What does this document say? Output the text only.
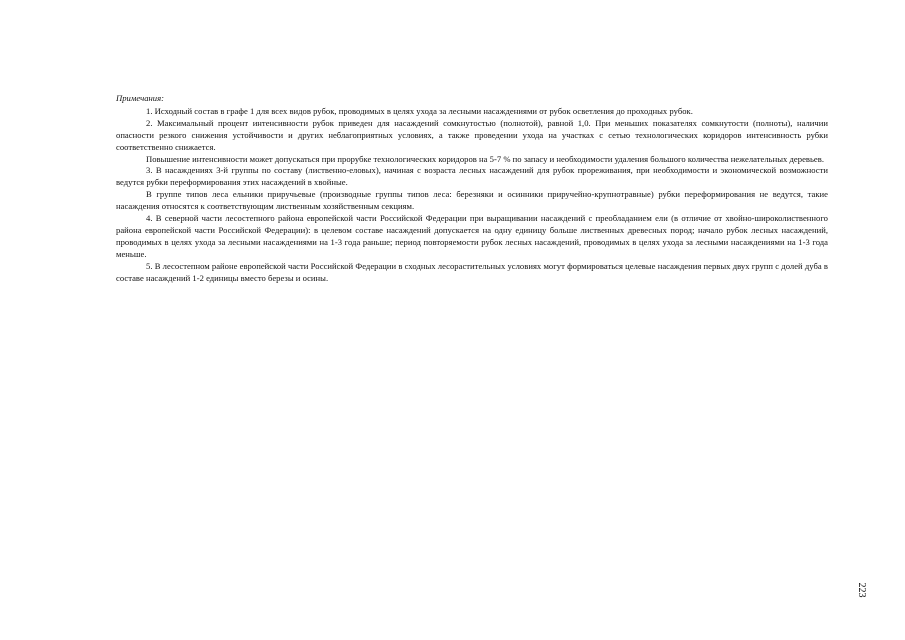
Примечания:

1. Исходный состав в графе 1 для всех видов рубок, проводимых в целях ухода за лесными насаждениями от рубок осветления до проходных рубок.

2. Максимальный процент интенсивности рубок приведен для насаждений сомкнутостью (полнотой), равной 1,0. При меньших показателях сомкнутости (полноты), наличии опасности резкого снижения устойчивости и других неблагоприятных условиях, а также проведении ухода на участках с сетью технологических коридоров интенсивность рубки соответственно снижается.

Повышение интенсивности может допускаться при прорубке технологических коридоров на 5-7 % по запасу и необходимости удаления большого количества нежелательных деревьев.

3. В насаждениях 3-й группы по составу (лиственно-еловых), начиная с возраста лесных насаждений для рубок прореживания, при необходимости и экономической возможности ведутся рубки переформирования этих насаждений в хвойные.

В группе типов леса ельники приручьевые (производные группы типов леса: березняки и осинники приручейно-крупнотравные) рубки переформирования не ведутся, такие насаждения относятся к соответствующим лиственным хозяйственным секциям.

4. В северной части лесостепного района европейской части Российской Федерации при выращивании насаждений с преобладанием ели (в отличие от хвойно-широколиственного района европейской части Российской Федерации): в целевом составе насаждений допускается на одну единицу больше лиственных древесных пород; начало рубок лесных насаждений, проводимых в целях ухода за лесными насаждениями на 1-3 года раньше; период повторяемости рубок лесных насаждений, проводимых в целях ухода за лесными насаждениями на 1-3 года меньше.

5. В лесостепном районе европейской части Российской Федерации в сходных лесорастительных условиях могут формироваться целевые насаждения первых двух групп с долей дуба в составе насаждений 1-2 единицы вместо березы и осины.

223
